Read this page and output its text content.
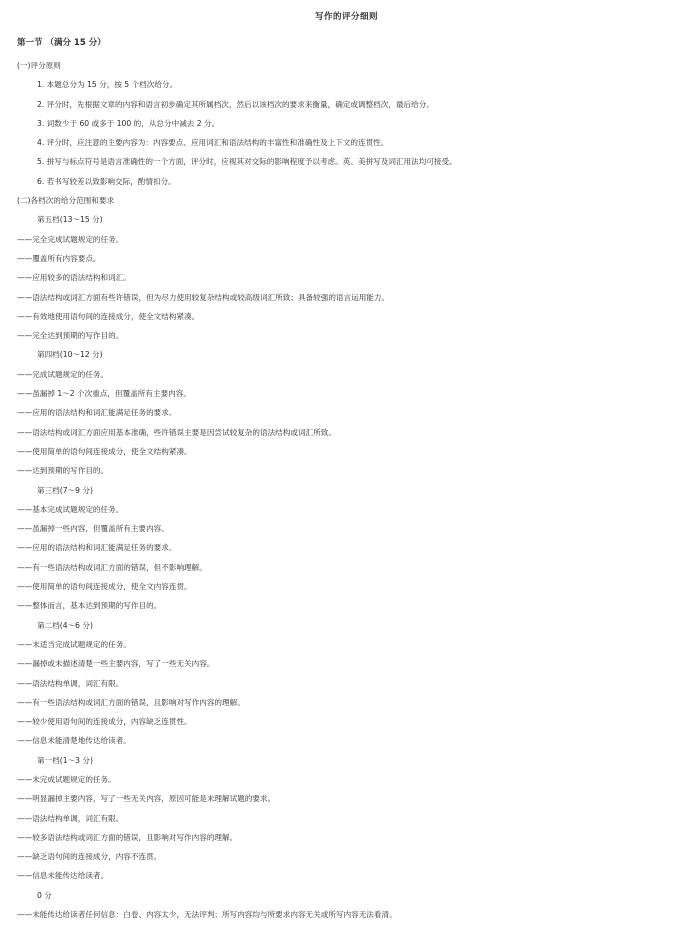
写作的评分细则
第一节 （满分 15 分）
(一)评分原则
1. 本题总分为 15 分，按 5 个档次给分。
2. 评分时，先根据文章的内容和语言初步确定其所属档次，然后以该档次的要求来衡量，确定或调整档次，最后给分。
3. 词数少于 60 或多于 100 的，从总分中减去 2 分。
4. 评分时，应注意的主要内容为：内容要点、应用词汇和语法结构的丰富性和准确性及上下文的连贯性。
5. 拼写与标点符号是语言准确性的一个方面，评分时，应视其对交际的影响程度予以考虑。英、美拼写及词汇用法均可接受。
6. 若书写较差以致影响交际，酌情扣分。
(二)各档次的给分范围和要求
第五档(13～15 分)
——完全完成试题规定的任务。
——覆盖所有内容要点。
——应用较多的语法结构和词汇。
——语法结构或词汇方面有些许错误，但为尽力使用较复杂结构或较高级词汇所致；具备较强的语言运用能力。
——有效地使用语句间的连接成分，使全文结构紧凑。
——完全达到预期的写作目的。
第四档(10～12 分)
——完成试题规定的任务。
——虽漏掉 1～2 个次重点，但覆盖所有主要内容。
——应用的语法结构和词汇能满足任务的要求。
——语法结构或词汇方面应用基本准确，些许错误主要是因尝试较复杂的语法结构或词汇所致。
——使用简单的语句间连接成分，使全文结构紧凑。
——达到预期的写作目的。
第三档(7～9 分)
——基本完成试题规定的任务。
——虽漏掉一些内容，但覆盖所有主要内容。
——应用的语法结构和词汇能满足任务的要求。
——有一些语法结构或词汇方面的错误，但不影响理解。
——使用简单的语句间连接成分，使全文内容连贯。
——整体而言，基本达到预期的写作目的。
第二档(4～6 分)
——未适当完成试题规定的任务。
——漏掉或未描述清楚一些主要内容，写了一些无关内容。
——语法结构单调，词汇有限。
——有一些语法结构或词汇方面的错误，且影响对写作内容的理解。
——较少使用语句间的连接成分，内容缺乏连贯性。
——信息未能清楚地传达给读者。
第一档(1～3 分)
——未完成试题规定的任务。
——明显漏掉主要内容，写了一些无关内容，原因可能是未理解试题的要求。
——语法结构单调，词汇有限。
——较多语法结构或词汇方面的错误，且影响对写作内容的理解。
——缺乏语句间的连接成分，内容不连贯。
——信息未能传达给读者。
0 分
——未能传达给读者任何信息：白卷、内容太少，无法评判；所写内容均与所要求内容无关或所写内容无法看清。
